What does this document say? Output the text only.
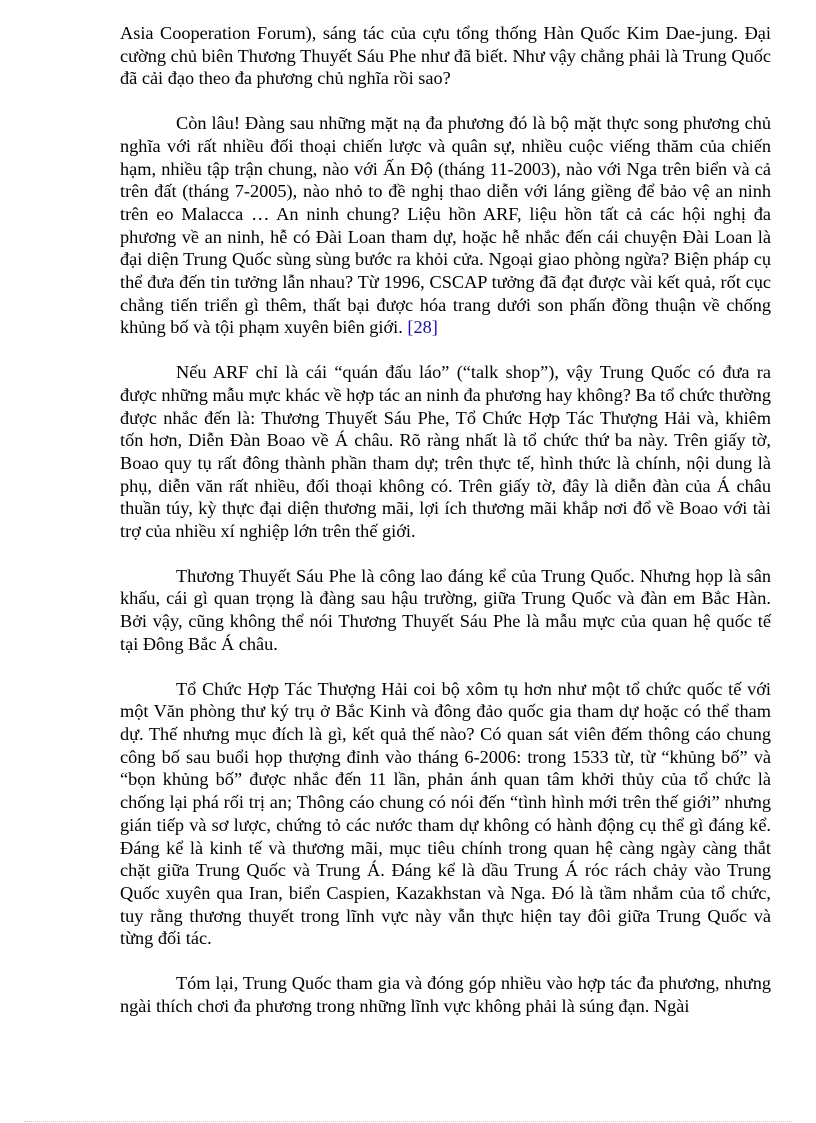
Asia Cooperation Forum), sáng tác của cựu tổng thống Hàn Quốc Kim Dae-jung. Đại cường chủ biên Thương Thuyết Sáu Phe như đã biết. Như vậy chẳng phải là Trung Quốc đã cải đạo theo đa phương chủ nghĩa rồi sao?

Còn lâu! Đàng sau những mặt nạ đa phương đó là bộ mặt thực song phương chủ nghĩa với rất nhiều đối thoại chiến lược và quân sự, nhiều cuộc viếng thăm của chiến hạm, nhiều tập trận chung, nào với Ấn Độ (tháng 11-2003), nào với Nga trên biển và cả trên đất (tháng 7-2005), nào nhỏ to đề nghị thao diễn với láng giềng để bảo vệ an ninh trên eo Malacca … An ninh chung? Liệu hồn ARF, liệu hồn tất cả các hội nghị đa phương về an ninh, hễ có Đài Loan tham dự, hoặc hễ nhắc đến cái chuyện Đài Loan là đại diện Trung Quốc sùng sùng bước ra khỏi cửa. Ngoại giao phòng ngừa? Biện pháp cụ thể đưa đến tin tưởng lẫn nhau? Từ 1996, CSCAP tưởng đã đạt được vài kết quả, rốt cục chẳng tiến triển gì thêm, thất bại được hóa trang dưới son phấn đồng thuận về chống khủng bố và tội phạm xuyên biên giới. [28]

Nếu ARF chỉ là cái “quán đấu láo” (“talk shop”), vậy Trung Quốc có đưa ra được những mẫu mực khác về hợp tác an ninh đa phương hay không? Ba tổ chức thường được nhắc đến là: Thương Thuyết Sáu Phe, Tổ Chức Hợp Tác Thượng Hải và, khiêm tốn hơn, Diễn Đàn Boao về Á châu. Rõ ràng nhất là tổ chức thứ ba này. Trên giấy tờ, Boao quy tụ rất đông thành phần tham dự; trên thực tế, hình thức là chính, nội dung là phụ, diễn văn rất nhiều, đối thoại không có. Trên giấy tờ, đây là diễn đàn của Á châu thuần túy, kỳ thực đại diện thương mãi, lợi ích thương mãi khắp nơi đổ về Boao với tài trợ của nhiều xí nghiệp lớn trên thế giới.

Thương Thuyết Sáu Phe là công lao đáng kể của Trung Quốc. Nhưng họp là sân khấu, cái gì quan trọng là đàng sau hậu trường, giữa Trung Quốc và đàn em Bắc Hàn. Bởi vậy, cũng không thể nói Thương Thuyết Sáu Phe là mẫu mực của quan hệ quốc tế tại Đông Bắc Á châu.

Tổ Chức Hợp Tác Thượng Hải coi bộ xôm tụ hơn như một tổ chức quốc tế với một Văn phòng thư ký trụ ở Bắc Kinh và đông đảo quốc gia tham dự hoặc có thể tham dự. Thế nhưng mục đích là gì, kết quả thế nào? Có quan sát viên đếm thông cáo chung công bố sau buổi họp thượng đỉnh vào tháng 6-2006: trong 1533 từ, từ “khủng bố” và “bọn khủng bố” được nhắc đến 11 lần, phản ánh quan tâm khởi thủy của tổ chức là chống lại phá rối trị an; Thông cáo chung có nói đến “tình hình mới trên thế giới” nhưng gián tiếp và sơ lược, chứng tỏ các nước tham dự không có hành động cụ thể gì đáng kể. Đáng kể là kinh tế và thương mãi, mục tiêu chính trong quan hệ càng ngày càng thắt chặt giữa Trung Quốc và Trung Á. Đáng kể là dầu Trung Á róc rách chảy vào Trung Quốc xuyên qua Iran, biển Caspien, Kazakhstan và Nga. Đó là tầm nhắm của tổ chức, tuy rằng thương thuyết trong lĩnh vực này vẫn thực hiện tay đôi giữa Trung Quốc và từng đối tác.

Tóm lại, Trung Quốc tham gia và đóng góp nhiều vào hợp tác đa phương, nhưng ngài thích chơi đa phương trong những lĩnh vực không phải là súng đạn. Ngài
